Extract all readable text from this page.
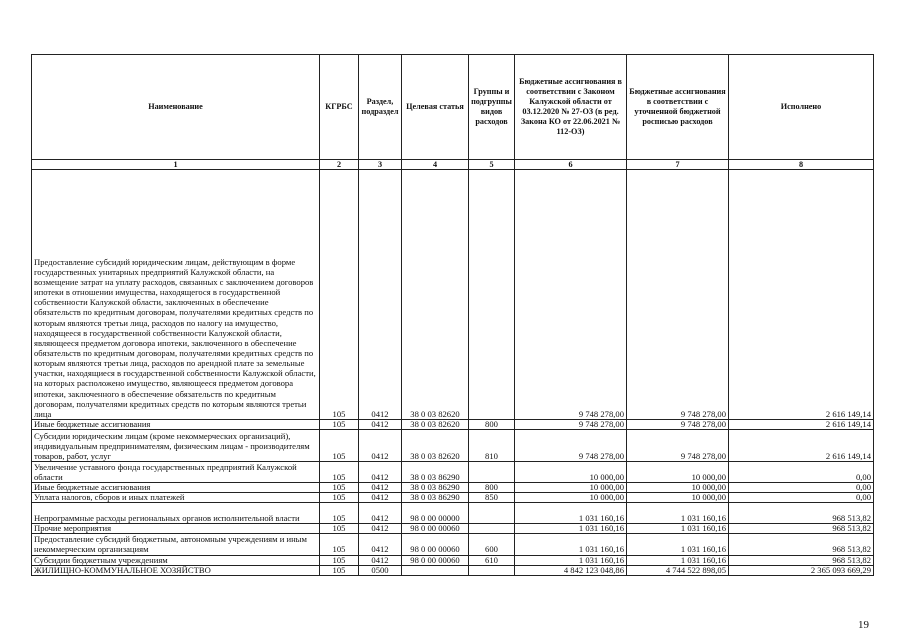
Наименование	КГРБС	Раздел, подраздел	Целевая статья	Группы и подгруппы видов расходов	Бюджетные ассигнования в соответствии с Законом Калужской области от 03.12.2020 № 27-ОЗ (в ред. Закона КО от 22.06.2021 № 112-ОЗ)	Бюджетные ассигнования в соответствии с уточненной бюджетной росписью расходов	Исполнено
1	2	3	4	5	6	7	8
Предоставление субсидий юридическим лицам, действующим в форме государственных унитарных предприятий Калужской области, на возмещение затрат на уплату расходов, связанных с заключением договоров ипотеки в отношении имущества, находящегося в государственной собственности Калужской области, заключенных в обеспечение обязательств по кредитным договорам, получателями кредитных средств по которым являются третьи лица, расходов по налогу на имущество, находящееся в государственной собственности Калужской области, являющееся предметом договора ипотеки, заключенного в обеспечение обязательств по кредитным договорам, получателями кредитных средств по которым являются третьи лица, расходов по арендной плате за земельные участки, находящиеся в государственной собственности Калужской области, на которых расположено имущество, являющееся предметом договора ипотеки, заключенного в обеспечение обязательств по кредитным договорам, получателями кредитных средств по которым являются третьи лица	105	0412	38 0 03 82620		9 748 278,00	9 748 278,00	2 616 149,14
Иные бюджетные ассигнования	105	0412	38 0 03 82620	800	9 748 278,00	9 748 278,00	2 616 149,14
Субсидии юридическим лицам (кроме некоммерческих организаций), индивидуальным предпринимателям, физическим лицам - производителям товаров, работ, услуг	105	0412	38 0 03 82620	810	9 748 278,00	9 748 278,00	2 616 149,14
Увеличение уставного фонда государственных предприятий Калужской области	105	0412	38 0 03 86290		10 000,00	10 000,00	0,00
Иные бюджетные ассигнования	105	0412	38 0 03 86290	800	10 000,00	10 000,00	0,00
Уплата налогов, сборов и иных платежей	105	0412	38 0 03 86290	850	10 000,00	10 000,00	0,00
Непрограммные расходы региональных органов исполнительной власти	105	0412	98 0 00 00000		1 031 160,16	1 031 160,16	968 513,82
Прочие мероприятия	105	0412	98 0 00 00060		1 031 160,16	1 031 160,16	968 513,82
Предоставление субсидий бюджетным, автономным учреждениям и иным некоммерческим организациям	105	0412	98 0 00 00060	600	1 031 160,16	1 031 160,16	968 513,82
Субсидии бюджетным учреждениям	105	0412	98 0 00 00060	610	1 031 160,16	1 031 160,16	968 513,82
ЖИЛИЩНО-КОММУНАЛЬНОЕ ХОЗЯЙСТВО	105	0500			4 842 123 048,86	4 744 522 898,05	2 365 093 669,29
19
